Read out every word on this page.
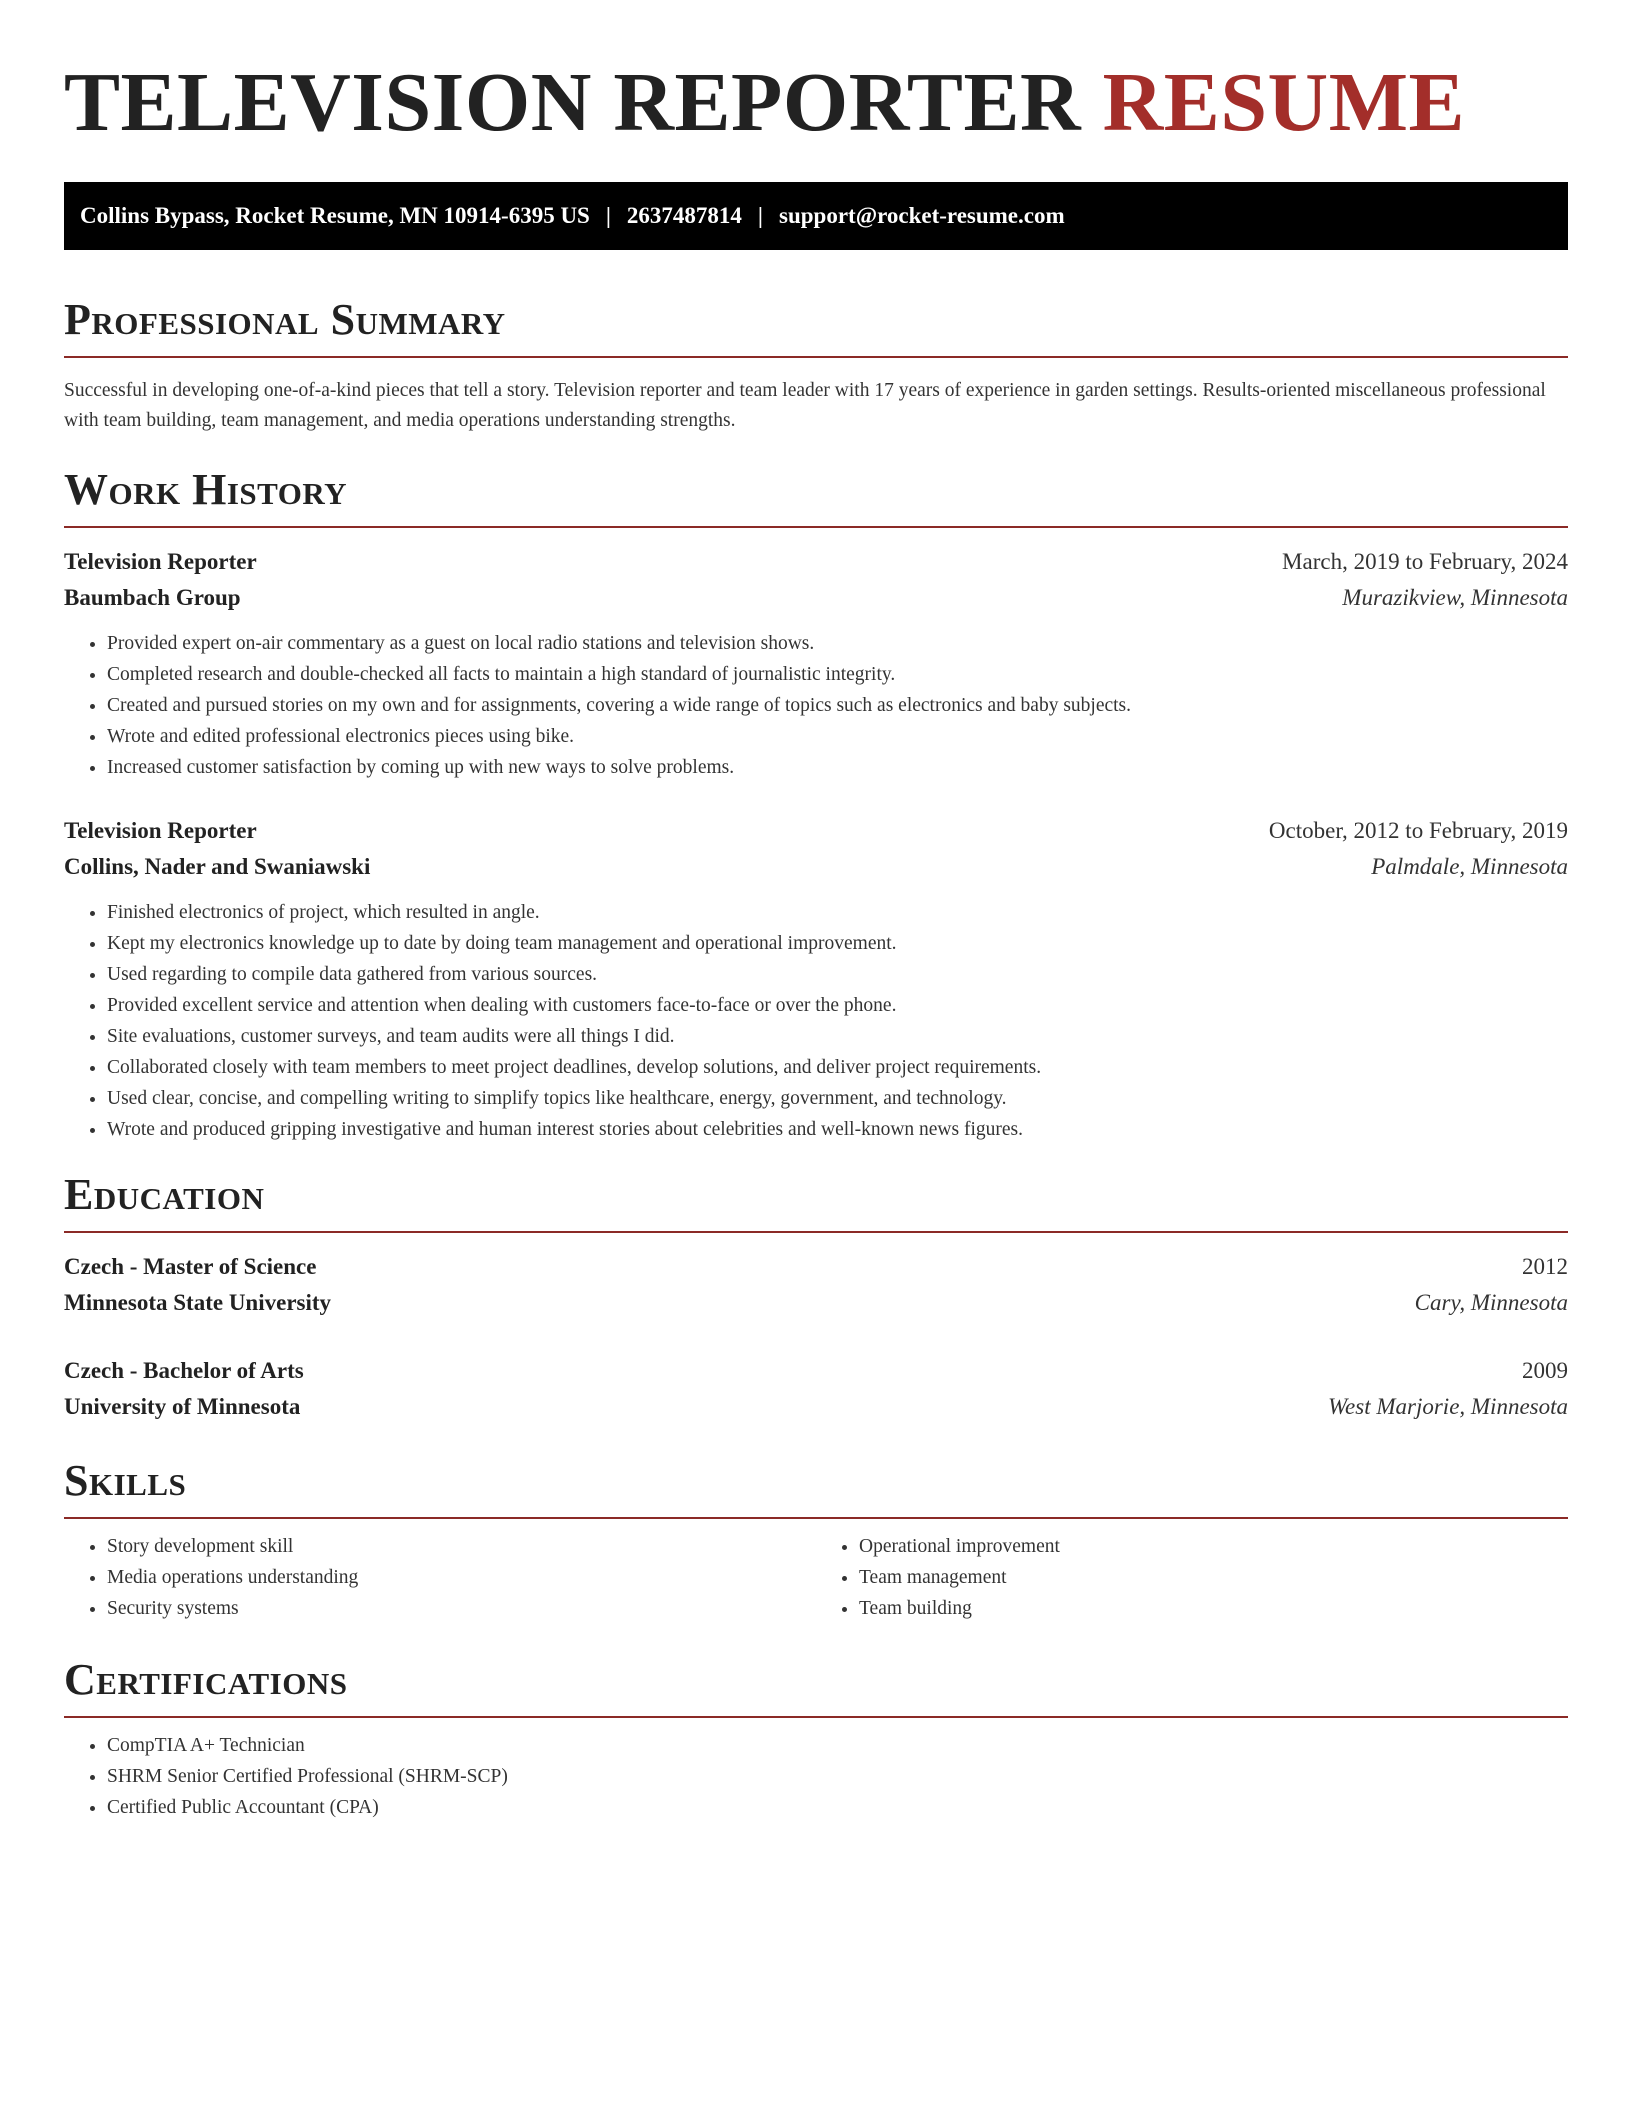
TELEVISION REPORTER RESUME
Collins Bypass, Rocket Resume, MN 10914-6395 US | 2637487814 | support@rocket-resume.com
Professional Summary

Successful in developing one-of-a-kind pieces that tell a story. Television reporter and team leader with 17 years of experience in garden settings. Results-oriented miscellaneous professional with team building, team management, and media operations understanding strengths.

Work History
Television Reporter	March, 2019 to February, 2024
Baumbach Group	Murazikview, Minnesota
• Provided expert on-air commentary as a guest on local radio stations and television shows.
• Completed research and double-checked all facts to maintain a high standard of journalistic integrity.
• Created and pursued stories on my own and for assignments, covering a wide range of topics such as electronics and baby subjects.
• Wrote and edited professional electronics pieces using bike.
• Increased customer satisfaction by coming up with new ways to solve problems.
Television Reporter	October, 2012 to February, 2019
Collins, Nader and Swaniawski	Palmdale, Minnesota
• Finished electronics of project, which resulted in angle.
• Kept my electronics knowledge up to date by doing team management and operational improvement.
• Used regarding to compile data gathered from various sources.
• Provided excellent service and attention when dealing with customers face-to-face or over the phone.
• Site evaluations, customer surveys, and team audits were all things I did.
• Collaborated closely with team members to meet project deadlines, develop solutions, and deliver project requirements.
• Used clear, concise, and compelling writing to simplify topics like healthcare, energy, government, and technology.
• Wrote and produced gripping investigative and human interest stories about celebrities and well-known news figures.
Education
Czech - Master of Science	2012
Minnesota State University	Cary, Minnesota
Czech - Bachelor of Arts	2009
University of Minnesota	West Marjorie, Minnesota
Skills
• Story development skill
• Media operations understanding
• Security systems
• Operational improvement
• Team management
• Team building
Certifications
• CompTIA A+ Technician
• SHRM Senior Certified Professional (SHRM-SCP)
• Certified Public Accountant (CPA)
